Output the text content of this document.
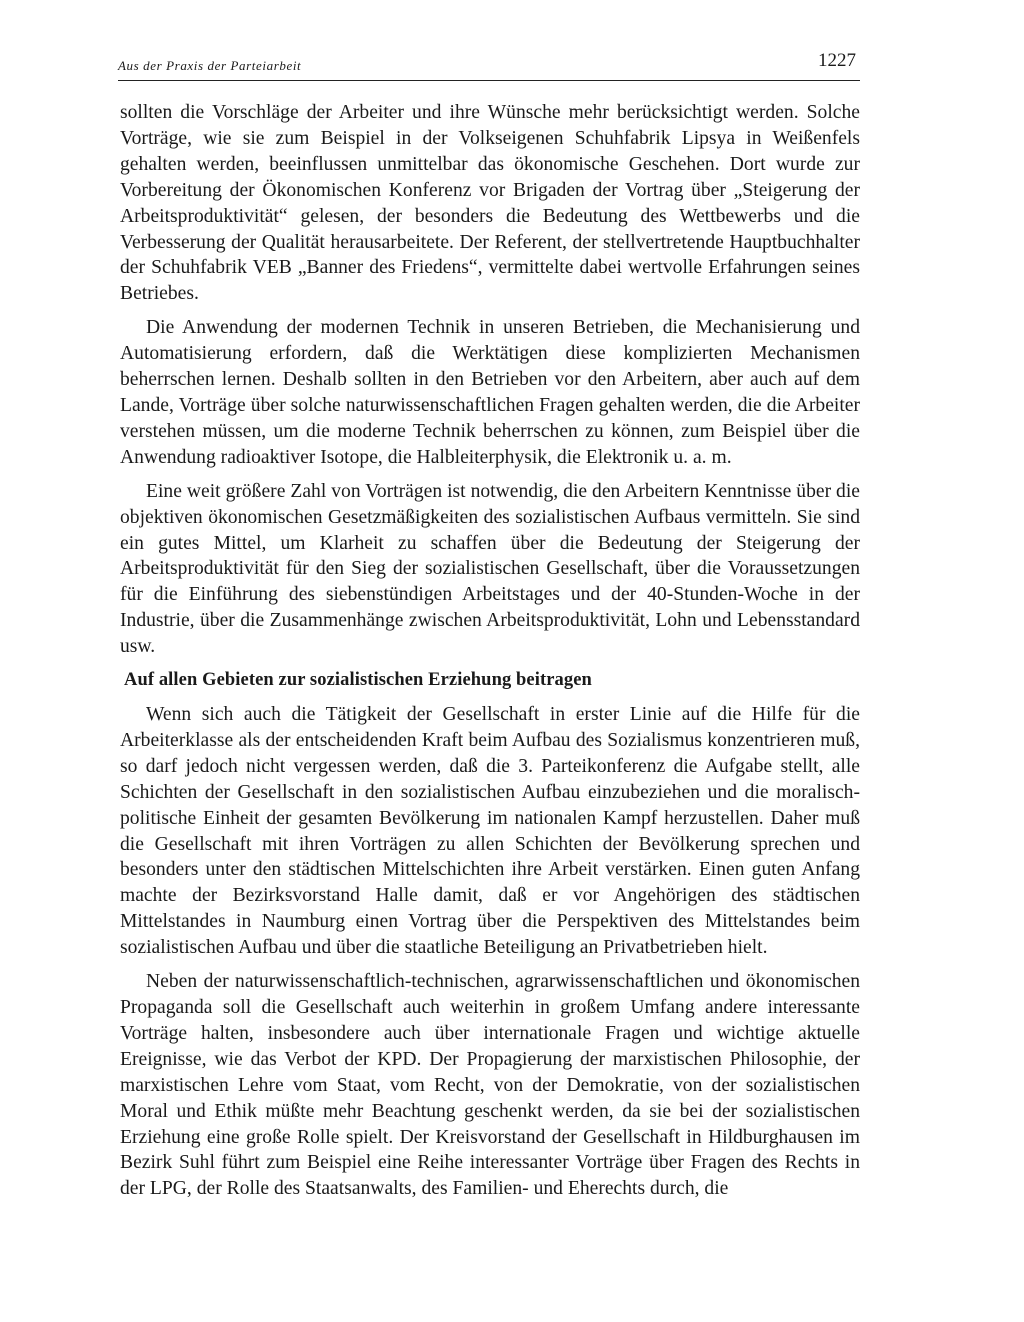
Aus der Praxis der Parteiarbeit	1227

sollten die Vorschläge der Arbeiter und ihre Wünsche mehr berücksichtigt werden. Solche Vorträge, wie sie zum Beispiel in der Volkseigenen Schuhfabrik Lipsya in Weißenfels gehalten werden, beeinflussen unmittelbar das ökonomische Geschehen. Dort wurde zur Vorbereitung der Ökonomischen Konferenz vor Brigaden der Vortrag über „Steigerung der Arbeitsproduktivität“ gelesen, der besonders die Bedeutung des Wettbewerbs und die Verbesserung der Qualität herausarbeitete. Der Referent, der stellvertretende Hauptbuchhalter der Schuhfabrik VEB „Banner des Friedens“, vermittelte dabei wertvolle Erfahrungen seines Betriebes.

Die Anwendung der modernen Technik in unseren Betrieben, die Mechanisierung und Automatisierung erfordern, daß die Werktätigen diese komplizierten Mechanismen beherrschen lernen. Deshalb sollten in den Betrieben vor den Arbeitern, aber auch auf dem Lande, Vorträge über solche naturwissenschaftlichen Fragen gehalten werden, die die Arbeiter verstehen müssen, um die moderne Technik beherrschen zu können, zum Beispiel über die Anwendung radioaktiver Isotope, die Halbleiterphysik, die Elektronik u. a. m.

Eine weit größere Zahl von Vorträgen ist notwendig, die den Arbeitern Kenntnisse über die objektiven ökonomischen Gesetzmäßigkeiten des sozialistischen Aufbaus vermitteln. Sie sind ein gutes Mittel, um Klarheit zu schaffen über die Bedeutung der Steigerung der Arbeitsproduktivität für den Sieg der sozialistischen Gesellschaft, über die Voraussetzungen für die Einführung des siebenstündigen Arbeitstages und der 40-Stunden-Woche in der Industrie, über die Zusammenhänge zwischen Arbeitsproduktivität, Lohn und Lebensstandard usw.

Auf allen Gebieten zur sozialistischen Erziehung beitragen

Wenn sich auch die Tätigkeit der Gesellschaft in erster Linie auf die Hilfe für die Arbeiterklasse als der entscheidenden Kraft beim Aufbau des Sozialismus konzentrieren muß, so darf jedoch nicht vergessen werden, daß die 3. Parteikonferenz die Aufgabe stellt, alle Schichten der Gesellschaft in den sozialistischen Aufbau einzubeziehen und die moralisch-politische Einheit der gesamten Bevölkerung im nationalen Kampf herzustellen. Daher muß die Gesellschaft mit ihren Vorträgen zu allen Schichten der Bevölkerung sprechen und besonders unter den städtischen Mittelschichten ihre Arbeit verstärken. Einen guten Anfang machte der Bezirksvorstand Halle damit, daß er vor Angehörigen des städtischen Mittelstandes in Naumburg einen Vortrag über die Perspektiven des Mittelstandes beim sozialistischen Aufbau und über die staatliche Beteiligung an Privatbetrieben hielt.

Neben der naturwissenschaftlich-technischen, agrarwissenschaftlichen und ökonomischen Propaganda soll die Gesellschaft auch weiterhin in großem Umfang andere interessante Vorträge halten, insbesondere auch über internationale Fragen und wichtige aktuelle Ereignisse, wie das Verbot der KPD. Der Propagierung der marxistischen Philosophie, der marxistischen Lehre vom Staat, vom Recht, von der Demokratie, von der sozialistischen Moral und Ethik müßte mehr Beachtung geschenkt werden, da sie bei der sozialistischen Erziehung eine große Rolle spielt. Der Kreisvorstand der Gesellschaft in Hildburghausen im Bezirk Suhl führt zum Beispiel eine Reihe interessanter Vorträge über Fragen des Rechts in der LPG, der Rolle des Staatsanwalts, des Familien- und Eherechts durch, die
